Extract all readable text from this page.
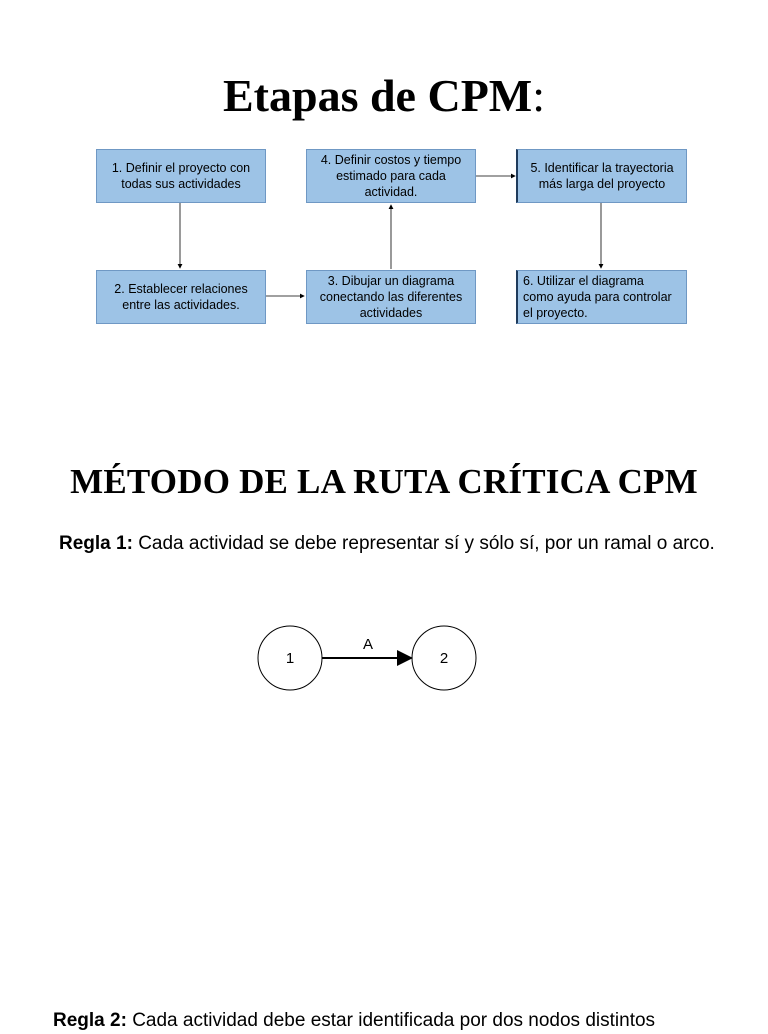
Etapas de CPM:
1. Definir el proyecto con
todas sus actividades
2. Establecer relaciones
entre las actividades.
3. Dibujar un diagrama
conectando las diferentes
actividades
4. Definir costos y tiempo
estimado para cada
actividad.
5. Identificar la trayectoria
más larga del proyecto
6. Utilizar el diagrama
como ayuda para controlar
el proyecto.
MÉTODO DE LA RUTA CRÍTICA CPM

Regla 1: Cada actividad se debe representar sí y sólo sí, por un ramal o arco.

1	2
A

Regla 2: Cada actividad debe estar identificada por dos nodos distintos
